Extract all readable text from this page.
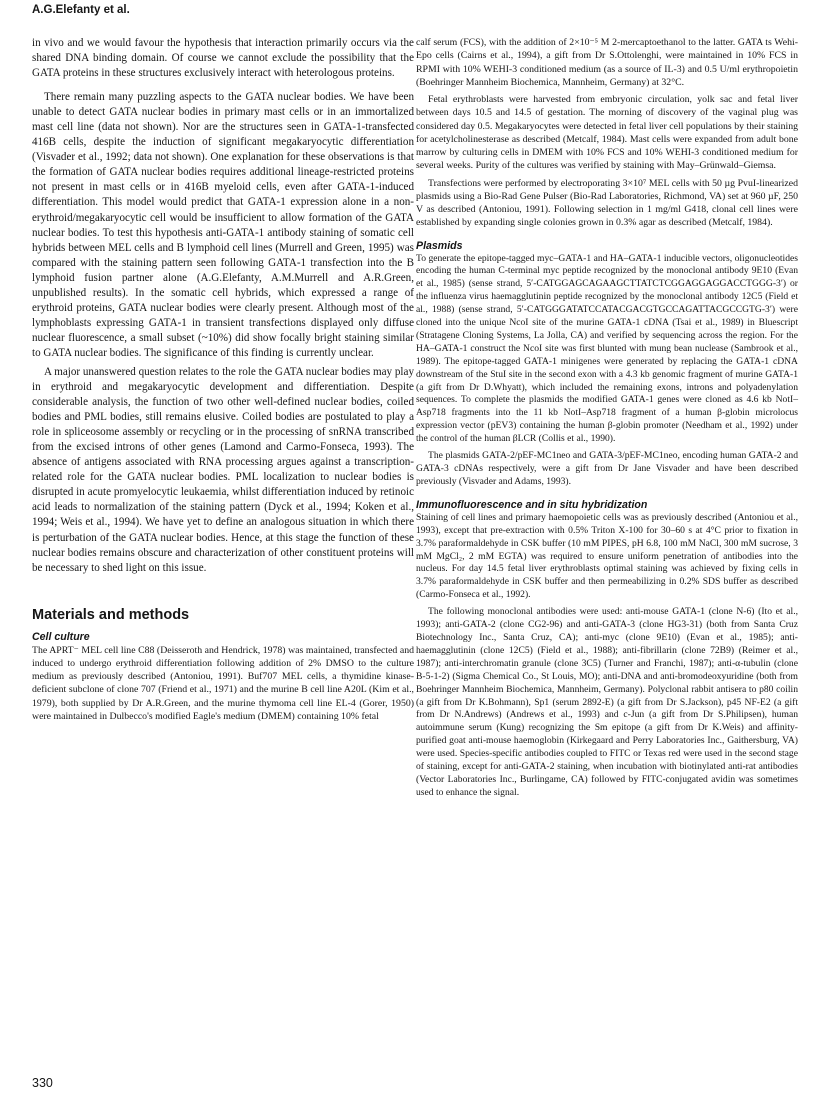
A.G.Elefanty et al.

in vivo and we would favour the hypothesis that interaction primarily occurs via the shared DNA binding domain. Of course we cannot exclude the possibility that the GATA proteins in these structures exclusively interact with heterologous proteins.

There remain many puzzling aspects to the GATA nuclear bodies. We have been unable to detect GATA nuclear bodies in primary mast cells or in an immortalized mast cell line (data not shown). Nor are the structures seen in GATA-1-transfected 416B cells, despite the induction of significant megakaryocytic differentiation (Visvader et al., 1992; data not shown). One explanation for these observations is that the formation of GATA nuclear bodies requires additional lineage-restricted proteins not present in mast cells or in 416B myeloid cells, even after GATA-1-induced differentiation. This model would predict that GATA-1 expression alone in a non-erythroid/megakaryocytic cell would be insufficient to allow formation of the GATA nuclear bodies. To test this hypothesis anti-GATA-1 antibody staining of somatic cell hybrids between MEL cells and B lymphoid cell lines (Murrell and Green, 1995) was compared with the staining pattern seen following GATA-1 transfection into the B lymphoid fusion partner alone (A.G.Elefanty, A.M.Murrell and A.R.Green, unpublished results). In the somatic cell hybrids, which expressed a range of erythroid proteins, GATA nuclear bodies were clearly present. Although most of the lymphoblasts expressing GATA-1 in transient transfections displayed only diffuse nuclear fluorescence, a small subset (~10%) did show focally bright staining similar to GATA nuclear bodies. The significance of this finding is currently unclear.

A major unanswered question relates to the role the GATA nuclear bodies may play in erythroid and megakaryocytic development and differentiation. Despite considerable analysis, the function of two other well-defined nuclear bodies, coiled bodies and PML bodies, still remains elusive. Coiled bodies are postulated to play a role in spliceosome assembly or recycling or in the processing of snRNA transcribed from the excised introns of other genes (Lamond and Carmo-Fonseca, 1993). The absence of antigens associated with RNA processing argues against a transcription-related role for the GATA nuclear bodies. PML localization to nuclear bodies is disrupted in acute promyelocytic leukaemia, whilst differentiation induced by retinoic acid leads to normalization of the staining pattern (Dyck et al., 1994; Koken et al., 1994; Weis et al., 1994). We have yet to define an analogous situation in which there is perturbation of the GATA nuclear bodies. Hence, at this stage the function of these nuclear bodies remains obscure and characterization of other constituent proteins will be necessary to shed light on this issue.

Materials and methods
Cell culture

The APRT⁻ MEL cell line C88 (Deisseroth and Hendrick, 1978) was maintained, transfected and induced to undergo erythroid differentiation following addition of 2% DMSO to the culture medium as previously described (Antoniou, 1991). Buf707 MEL cells, a thymidine kinase-deficient subclone of clone 707 (Friend et al., 1971) and the murine B cell line A20L (Kim et al., 1979), both supplied by Dr A.R.Green, and the murine thymoma cell line EL-4 (Gorer, 1950) were maintained in Dulbecco's modified Eagle's medium (DMEM) containing 10% fetal

calf serum (FCS), with the addition of 2×10⁻⁵ M 2-mercaptoethanol to the latter. GATA ts Wehi-Epo cells (Cairns et al., 1994), a gift from Dr S.Ottolenghi, were maintained in 10% FCS in RPMI with 10% WEHI-3 conditioned medium (as a source of IL-3) and 0.5 U/ml erythropoietin (Boehringer Mannheim Biochemica, Mannheim, Germany) at 32°C.

Fetal erythroblasts were harvested from embryonic circulation, yolk sac and fetal liver between days 10.5 and 14.5 of gestation. The morning of discovery of the vaginal plug was considered day 0.5. Megakaryocytes were detected in fetal liver cell populations by their staining for acetylcholinesterase as described (Metcalf, 1984). Mast cells were expanded from adult bone marrow by culturing cells in DMEM with 10% FCS and 10% WEHI-3 conditioned medium for several weeks. Purity of the cultures was verified by staining with May–Grünwald–Giemsa.

Transfections were performed by electroporating 3×10⁷ MEL cells with 50 µg PvuI-linearized plasmids using a Bio-Rad Gene Pulser (Bio-Rad Laboratories, Richmond, VA) set at 960 µF, 250 V as described (Antoniou, 1991). Following selection in 1 mg/ml G418, clonal cell lines were established by expanding single colonies grown in 0.3% agar as described (Metcalf, 1984).

Plasmids

To generate the epitope-tagged myc–GATA-1 and HA–GATA-1 inducible vectors, oligonucleotides encoding the human C-terminal myc peptide recognized by the monoclonal antibody 9E10 (Evan et al., 1985) (sense strand, 5′-CATGGAGCAGAAGCTTATCTCGGAGGAGGACCTGGG-3′) or the influenza virus haemagglutinin peptide recognized by the monoclonal antibody 12C5 (Field et al., 1988) (sense strand, 5′-CATGGGATATCCATACGACGTGCCAGATTACGCCGTG-3′) were cloned into the unique NcoI site of the murine GATA-1 cDNA (Tsai et al., 1989) in Bluescript (Stratagene Cloning Systems, La Jolla, CA) and verified by sequencing across the region. For the HA–GATA-1 construct the NcoI site was first blunted with mung bean nuclease (Sambrook et al., 1989). The epitope-tagged GATA-1 minigenes were generated by replacing the GATA-1 cDNA downstream of the StuI site in the second exon with a 4.3 kb genomic fragment of murine GATA-1 (a gift from Dr D.Whyatt), which included the remaining exons, introns and polyadenylation sequences. To complete the plasmids the modified GATA-1 genes were cloned as 4.6 kb NotI–Asp718 fragments into the 11 kb NotI–Asp718 fragment of a human β-globin microlocus expression vector (pEV3) containing the human β-globin promoter (Needham et al., 1992) under the control of the human βLCR (Collis et al., 1990).

The plasmids GATA-2/pEF-MC1neo and GATA-3/pEF-MC1neo, encoding human GATA-2 and GATA-3 cDNAs respectively, were a gift from Dr Jane Visvader and have been described previously (Visvader and Adams, 1993).

Immunofluorescence and in situ hybridization

Staining of cell lines and primary haemopoietic cells was as previously described (Antoniou et al., 1993), except that pre-extraction with 0.5% Triton X-100 for 30–60 s at 4°C prior to fixation in 3.7% paraformaldehyde in CSK buffer (10 mM PIPES, pH 6.8, 100 mM NaCl, 300 mM sucrose, 3 mM MgCl₂, 2 mM EGTA) was required to ensure uniform penetration of antibodies into the nucleus. For day 14.5 fetal liver erythroblasts optimal staining was achieved by fixing cells in 3.7% paraformaldehyde in CSK buffer and then permeabilizing in 0.2% SDS buffer as described (Carmo-Fonseca et al., 1992).

The following monoclonal antibodies were used: anti-mouse GATA-1 (clone N-6) (Ito et al., 1993); anti-GATA-2 (clone CG2-96) and anti-GATA-3 (clone HG3-31) (both from Santa Cruz Biotechnology Inc., Santa Cruz, CA); anti-myc (clone 9E10) (Evan et al., 1985); anti-haemagglutinin (clone 12C5) (Field et al., 1988); anti-fibrillarin (clone 72B9) (Reimer et al., 1987); anti-interchromatin granule (clone 3C5) (Turner and Franchi, 1987); anti-α-tubulin (clone B-5-1-2) (Sigma Chemical Co., St Louis, MO); anti-DNA and anti-bromodeoxyuridine (both from Boehringer Mannheim Biochemica, Mannheim, Germany). Polyclonal rabbit antisera to p80 coilin (a gift from Dr K.Bohmann), Sp1 (serum 2892-E) (a gift from Dr S.Jackson), p45 NF-E2 (a gift from Dr N.Andrews) (Andrews et al., 1993) and c-Jun (a gift from Dr S.Philipsen), human autoimmune serum (Kung) recognizing the Sm epitope (a gift from Dr K.Weis) and affinity-purified goat anti-mouse haemoglobin (Kirkegaard and Perry Laboratories Inc., Gaithersburg, VA) were used. Species-specific antibodies coupled to FITC or Texas red were used in the second stage of staining, except for anti-GATA-2 staining, when incubation with biotinylated anti-rat antibodies (Vector Laboratories Inc., Burlingame, CA) followed by FITC-conjugated avidin was sometimes used to enhance the signal.

330
